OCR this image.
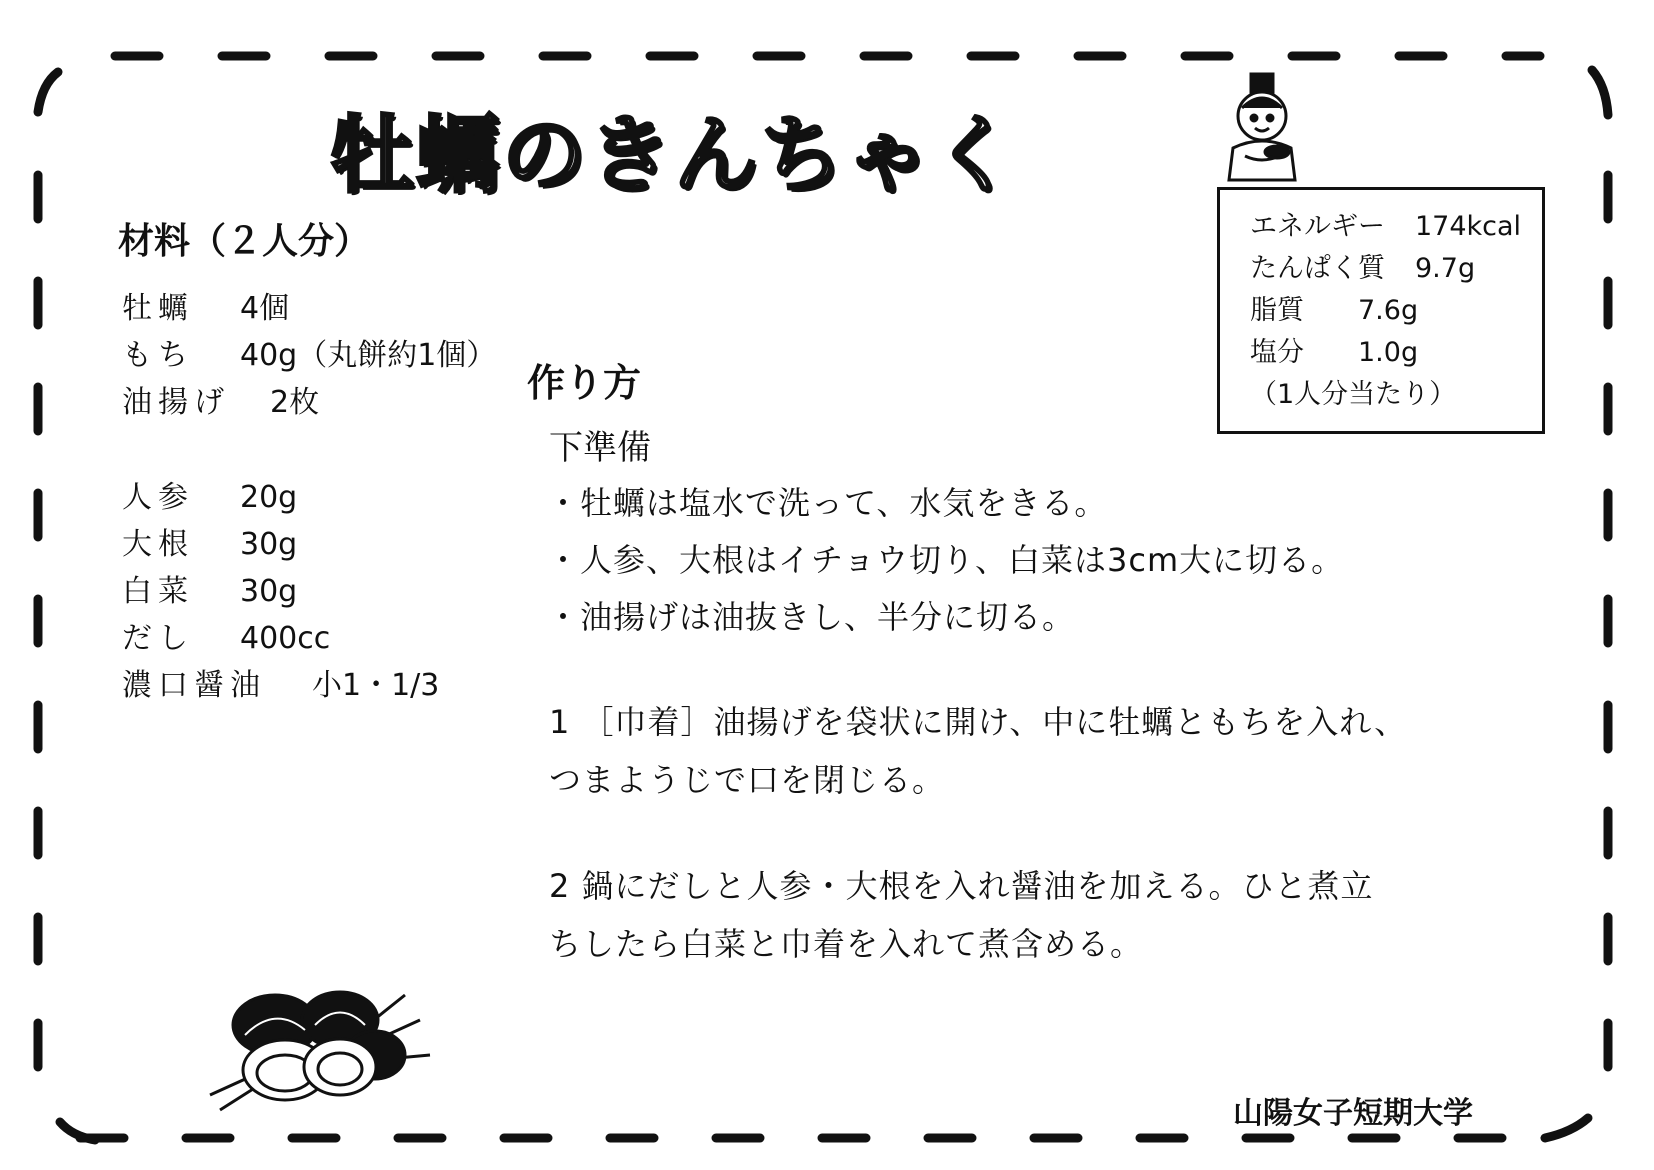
牡蠣のきんちゃく
材料（２人分）
牡蠣 4個
もち 40g（丸餅約1個）
油揚げ 2枚
人参 20g
大根 30g
白菜 30g
だし 400cc
濃口醤油 小1・1/3
作り方
下準備
・牡蠣は塩水で洗って、水気をきる。
・人参、大根はイチョウ切り、白菜は3cm大に切る。
・油揚げは油抜きし、半分に切る。
1 ［巾着］油揚げを袋状に開け、中に牡蠣ともちを入れ、
つまようじで口を閉じる。
2 鍋にだしと人参・大根を入れ醤油を加える。ひと煮立
ちしたら白菜と巾着を入れて煮含める。
エネルギー 174kcal
たんぱく質 9.7g
脂質 7.6g
塩分 1.0g
（1人分当たり）
山陽女子短期大学
